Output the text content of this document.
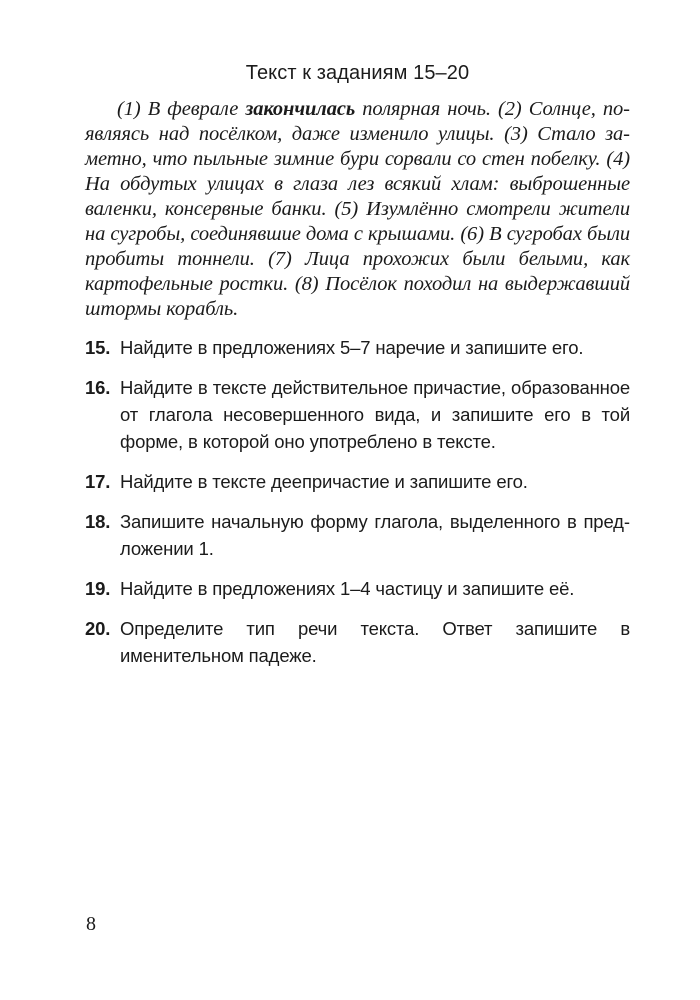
Текст к заданиям 15–20
(1) В феврале закончилась полярная ночь. (2) Солнце, появляясь над посёлком, даже изменило улицы. (3) Стало заметно, что пыльные зимние бури сорвали со стен побелку. (4) На обдутых улицах в глаза лез всякий хлам: выброшенные валенки, консервные банки. (5) Изумлённо смотрели жители на сугробы, соединявшие дома с крышами. (6) В сугробах были пробиты тоннели. (7) Лица прохожих были белыми, как картофельные ростки. (8) Посёлок походил на выдержавший штормы корабль.
15. Найдите в предложениях 5–7 наречие и запишите его.
16. Найдите в тексте действительное причастие, образованное от глагола несовершенного вида, и запишите его в той форме, в которой оно употреблено в тексте.
17. Найдите в тексте деепричастие и запишите его.
18. Запишите начальную форму глагола, выделенного в предложении 1.
19. Найдите в предложениях 1–4 частицу и запишите её.
20. Определите тип речи текста. Ответ запишите в именительном падеже.
8
